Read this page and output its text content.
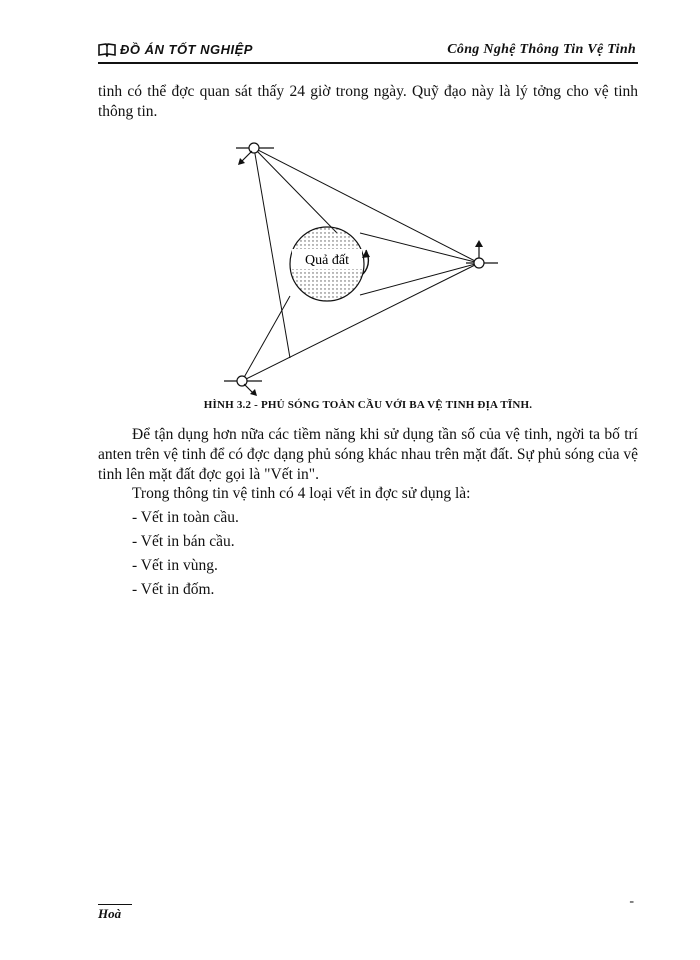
ĐỒ ÁN TỐT NGHIỆP	Công Nghệ Thông Tin Vệ Tinh
tinh có thể đợc quan sát thấy 24 giờ trong ngày. Quỹ đạo này là lý tởng cho vệ tinh thông tin.
Quả đất
HÌNH 3.2 - PHỦ SÓNG TOÀN CẦU VỚI BA VỆ TINH ĐỊA TĨNH.
Để tận dụng hơn nữa các tiềm năng khi sử dụng tần số của vệ tinh, ngời ta bố trí anten trên vệ tinh để có đợc dạng phủ sóng khác nhau trên mặt đất. Sự phủ sóng của vệ tinh lên mặt đất đợc gọi là "Vết in".
Trong thông tin vệ tinh có 4 loại vết in đợc sử dụng là:
- Vết in toàn cầu.
- Vết in bán cầu.
- Vết in vùng.
- Vết in đốm.
Hoà
-
